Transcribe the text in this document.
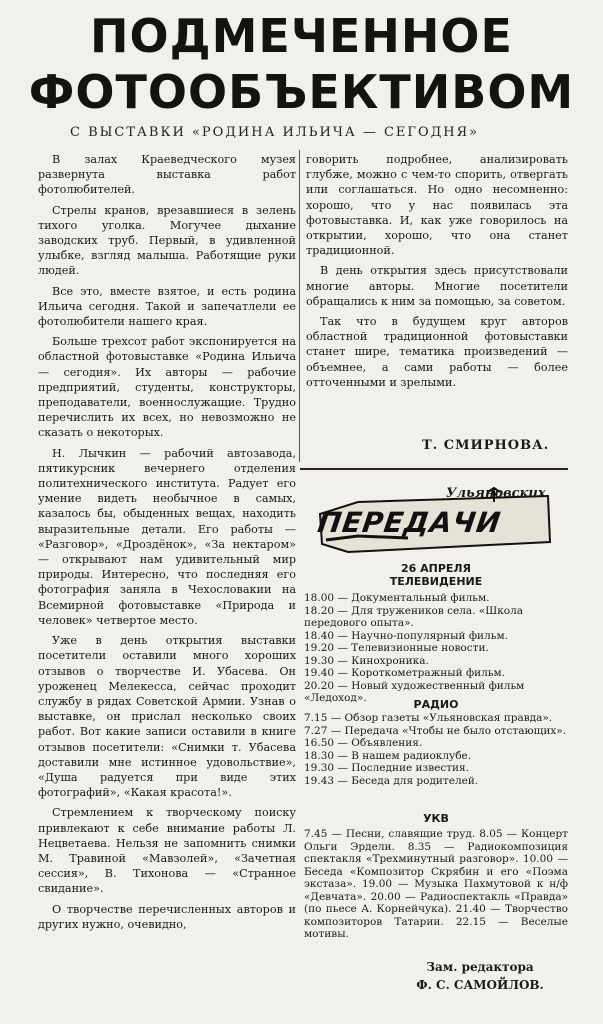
ПОДМЕЧЕННОЕ
ФОТООБЪЕКТИВОМ
С ВЫСТАВКИ «РОДИНА ИЛЬИЧА — СЕГОДНЯ»

В залах Краеведческого музея развернута выставка работ фотолюбителей.

Стрелы кранов, врезавшиеся в зелень тихого уголка. Могучее дыхание заводских труб. Первый, в удивленной улыбке, взгляд малыша. Работящие руки людей.

Все это, вместе взятое, и есть родина Ильича сегодня. Такой и запечатлели ее фотолюбители нашего края.

Больше трехсот работ экспонируется на областной фотовыставке «Родина Ильича — сегодня». Их авторы — рабочие предприятий, студенты, конструкторы, преподаватели, военнослужащие. Трудно перечислить их всех, но невозможно не сказать о некоторых.

Н. Лычкин — рабочий автозавода, пятикурсник вечернего отделения политехнического института. Радует его умение видеть необычное в самых, казалось бы, обыденных вещах, находить выразительные детали. Его работы — «Разговор», «Дроздёнок», «За нектаром» — открывают нам удивительный мир природы. Интересно, что последняя его фотография заняла в Чехословакии на Всемирной фотовыставке «Природа и человек» четвертое место.

Уже в день открытия выставки посетители оставили много хороших отзывов о творчестве И. Убасева. Он уроженец Мелекесса, сейчас проходит службу в рядах Советской Армии. Узнав о выставке, он прислал несколько своих работ. Вот какие записи оставили в книге отзывов посетители: «Снимки т. Убасева доставили мне истинное удовольствие», «Душа радуется при виде этих фотографий», «Какая красота!».

Стремлением к творческому поиску привлекают к себе внимание работы Л. Нецветаева. Нельзя не запомнить снимки М. Травиной «Мавзолей», «Зачетная сессия», В. Тихонова — «Странное свидание».

О творчестве перечисленных авторов и других нужно, очевидно,

говорить подробнее, анализировать глубже, можно с чем-то спорить, отвергать или соглашаться. Но одно несомненно: хорошо, что у нас появилась эта фотовыставка. И, как уже говорилось на открытии, хорошо, что она станет традиционной.

В день открытия здесь присутствовали многие авторы. Многие посетители обращались к ним за помощью, за советом.

Так что в будущем круг авторов областной традиционной фотовыставки станет шире, тематика произведений — объемнее, а сами работы — более отточенными и зрелыми.

Т. СМИРНОВА.
ПЕРЕДАЧИ
Ульяновских
26 АПРЕЛЯ
ТЕЛЕВИДЕНИЕ
18.00 — Документальный фильм.
18.20 — Для тружеников села. «Школа передового опыта».
18.40 — Научно-популярный фильм.
19.20 — Телевизионные новости.
19.30 — Кинохроника.
19.40 — Короткометражный фильм.
20.20 — Новый художественный фильм «Ледоход».	РАДИО
7.15 — Обзор газеты «Ульяновская правда».
7.27 — Передача «Чтобы не было отстающих».
16.50 — Объявления.
18.30 — В нашем радиоклубе.
19.30 — Последние известия.
19.43 — Беседа для родителей.
УКВ
7.45 — Песни, славящие труд. 8.05 — Концерт Ольги Эрдели. 8.35 — Радиокомпозиция спектакля «Трехминутный разговор». 10.00 — Беседа «Композитор Скрябин и его «Поэма экстаза». 19.00 — Музыка Пахмутовой к н/ф «Девчата». 20.00 — Радиоспектакль «Правда» (по пьесе А. Корнейчука). 21.40 — Творчество композиторов Татарии. 22.15 — Веселые мотивы.
Зам. редактора
Ф. С. САМОЙЛОВ.
